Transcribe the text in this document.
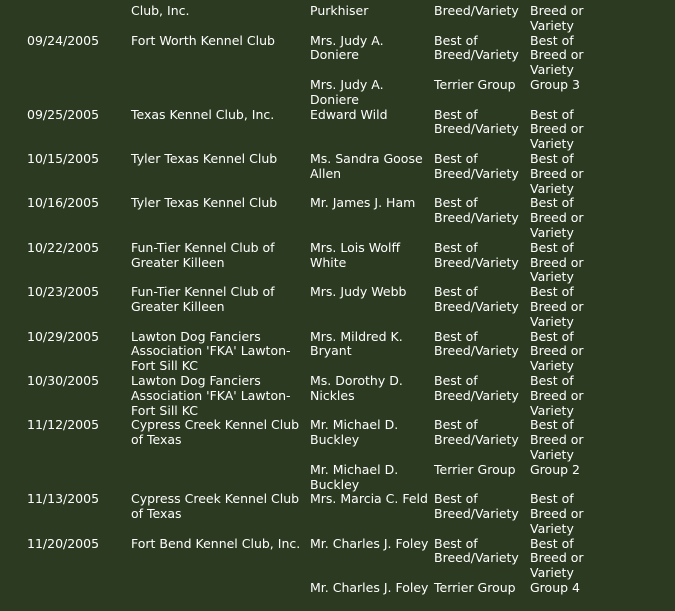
	Club, Inc.	Purkhiser	Breed/Variety	Breed or Variety
09/24/2005	Fort Worth Kennel Club	Mrs. Judy A. Doniere	Best of Breed/Variety	Best of Breed or Variety
		Mrs. Judy A. Doniere	Terrier Group	Group 3
09/25/2005	Texas Kennel Club, Inc.	Edward Wild	Best of Breed/Variety	Best of Breed or Variety
10/15/2005	Tyler Texas Kennel Club	Ms. Sandra Goose Allen	Best of Breed/Variety	Best of Breed or Variety
10/16/2005	Tyler Texas Kennel Club	Mr. James J. Ham	Best of Breed/Variety	Best of Breed or Variety
10/22/2005	Fun-Tier Kennel Club of Greater Killeen	Mrs. Lois Wolff White	Best of Breed/Variety	Best of Breed or Variety
10/23/2005	Fun-Tier Kennel Club of Greater Killeen	Mrs. Judy Webb	Best of Breed/Variety	Best of Breed or Variety
10/29/2005	Lawton Dog Fanciers Association 'FKA' Lawton-Fort Sill KC	Mrs. Mildred K. Bryant	Best of Breed/Variety	Best of Breed or Variety
10/30/2005	Lawton Dog Fanciers Association 'FKA' Lawton-Fort Sill KC	Ms. Dorothy D. Nickles	Best of Breed/Variety	Best of Breed or Variety
11/12/2005	Cypress Creek Kennel Club of Texas	Mr. Michael D. Buckley	Best of Breed/Variety	Best of Breed or Variety
		Mr. Michael D. Buckley	Terrier Group	Group 2
11/13/2005	Cypress Creek Kennel Club of Texas	Mrs. Marcia C. Feld	Best of Breed/Variety	Best of Breed or Variety
11/20/2005	Fort Bend Kennel Club, Inc.	Mr. Charles J. Foley	Best of Breed/Variety	Best of Breed or Variety
		Mr. Charles J. Foley	Terrier Group	Group 4
